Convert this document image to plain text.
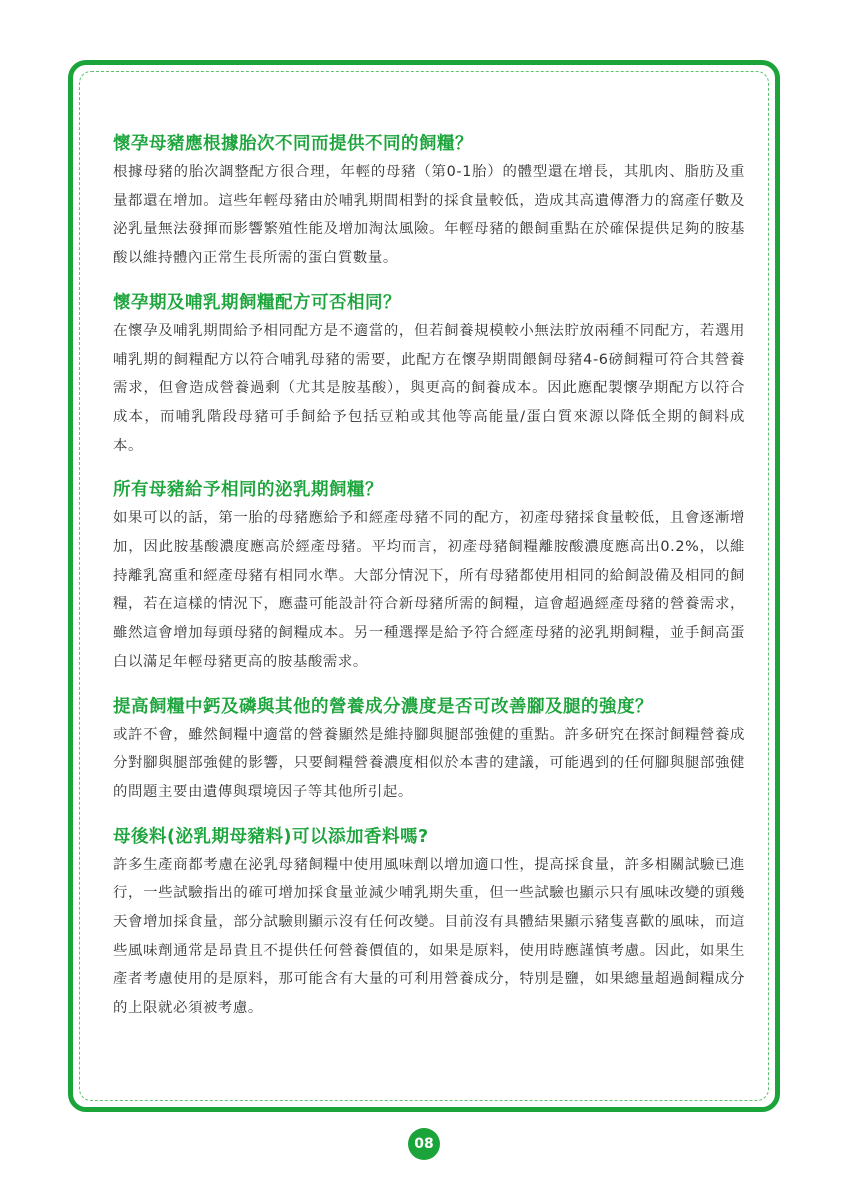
懷孕母豬應根據胎次不同而提供不同的飼糧？

根據母豬的胎次調整配方很合理，年輕的母豬（第0-1胎）的體型還在增長，其肌肉、脂肪及重量都還在增加。這些年輕母豬由於哺乳期間相對的採食量較低，造成其高遺傳潛力的窩產仔數及泌乳量無法發揮而影響繁殖性能及增加淘汰風險。年輕母豬的餵飼重點在於確保提供足夠的胺基酸以維持體內正常生長所需的蛋白質數量。

懷孕期及哺乳期飼糧配方可否相同？

在懷孕及哺乳期間給予相同配方是不適當的，但若飼養規模較小無法貯放兩種不同配方，若選用哺乳期的飼糧配方以符合哺乳母豬的需要，此配方在懷孕期間餵飼母豬4-6磅飼糧可符合其營養需求，但會造成營養過剩（尤其是胺基酸），與更高的飼養成本。因此應配製懷孕期配方以符合成本，而哺乳階段母豬可手飼給予包括豆粕或其他等高能量/蛋白質來源以降低全期的飼料成本。

所有母豬給予相同的泌乳期飼糧？

如果可以的話，第一胎的母豬應給予和經產母豬不同的配方，初產母豬採食量較低，且會逐漸增加，因此胺基酸濃度應高於經產母豬。平均而言，初產母豬飼糧離胺酸濃度應高出0.2%，以維持離乳窩重和經產母豬有相同水準。大部分情況下，所有母豬都使用相同的給飼設備及相同的飼糧，若在這樣的情況下，應盡可能設計符合新母豬所需的飼糧，這會超過經產母豬的營養需求，雖然這會增加每頭母豬的飼糧成本。另一種選擇是給予符合經產母豬的泌乳期飼糧，並手飼高蛋白以滿足年輕母豬更高的胺基酸需求。

提高飼糧中鈣及磷與其他的營養成分濃度是否可改善腳及腿的強度？

或許不會，雖然飼糧中適當的營養顯然是維持腳與腿部強健的重點。許多研究在探討飼糧營養成分對腳與腿部強健的影響，只要飼糧營養濃度相似於本書的建議，可能遇到的任何腳與腿部強健的問題主要由遺傳與環境因子等其他所引起。

母後料(泌乳期母豬料)可以添加香料嗎?

許多生產商都考慮在泌乳母豬飼糧中使用風味劑以增加適口性，提高採食量，許多相關試驗已進行，一些試驗指出的確可增加採食量並減少哺乳期失重，但一些試驗也顯示只有風味改變的頭幾天會增加採食量，部分試驗則顯示沒有任何改變。目前沒有具體結果顯示豬隻喜歡的風味，而這些風味劑通常是昂貴且不提供任何營養價值的，如果是原料，使用時應謹慎考慮。因此，如果生產者考慮使用的是原料，那可能含有大量的可利用營養成分，特別是鹽，如果總量超過飼糧成分的上限就必須被考慮。

08
